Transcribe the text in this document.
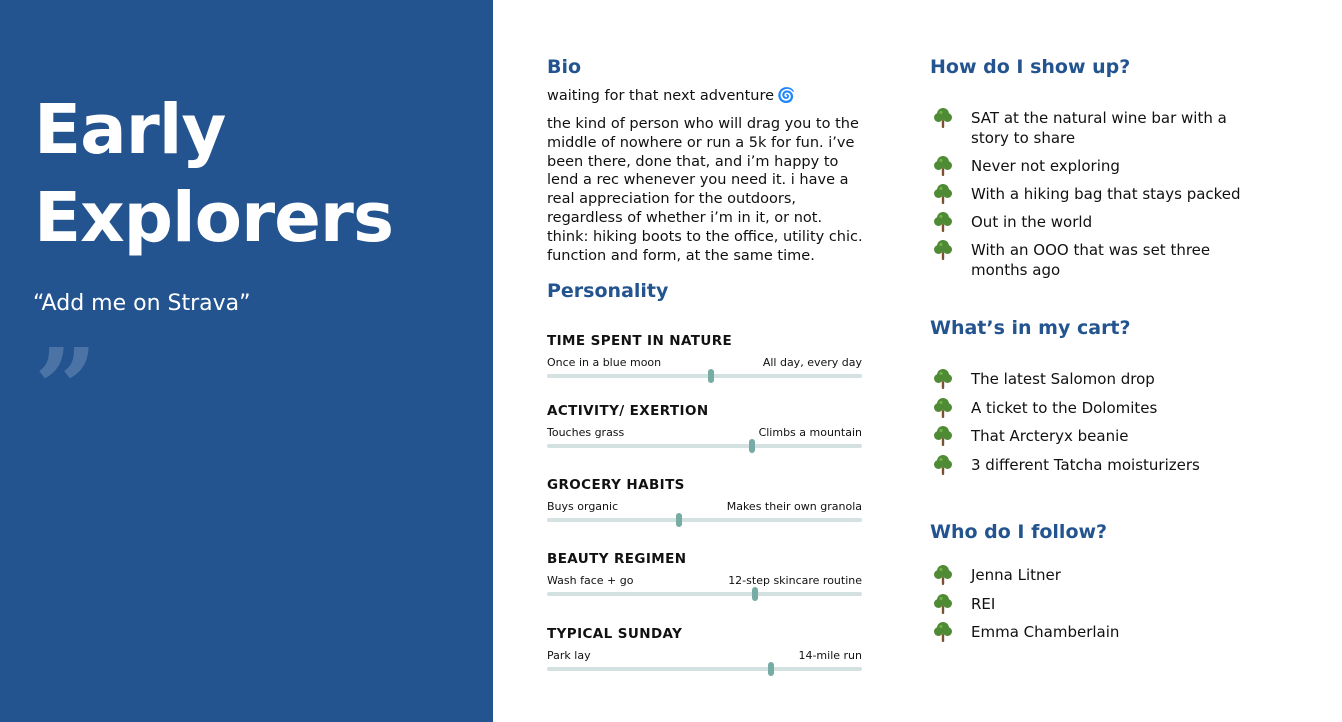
Early
Explorers
“Add me on Strava”
”
Bio
waiting for that next adventure 🌀

the kind of person who will drag you to the middle of nowhere or run a 5k for fun. i’ve been there, done that, and i’m happy to lend a rec whenever you need it. i have a real appreciation for the outdoors, regardless of whether i’m in it, or not. think: hiking boots to the office, utility chic. function and form, at the same time.

Personality
TIME SPENT IN NATURE
Once in a blue moon	All day, every day
ACTIVITY/ EXERTION
Touches grass	Climbs a mountain
GROCERY HABITS
Buys organic	Makes their own granola
BEAUTY REGIMEN
Wash face + go	12-step skincare routine
TYPICAL SUNDAY
Park lay	14-mile run
How do I show up?
SAT at the natural wine bar with a story to share
Never not exploring
With a hiking bag that stays packed
Out in the world
With an OOO that was set three months ago
What’s in my cart?
The latest Salomon drop
A ticket to the Dolomites
That Arcteryx beanie
3 different Tatcha moisturizers
Who do I follow?
Jenna Litner
REI
Emma Chamberlain
